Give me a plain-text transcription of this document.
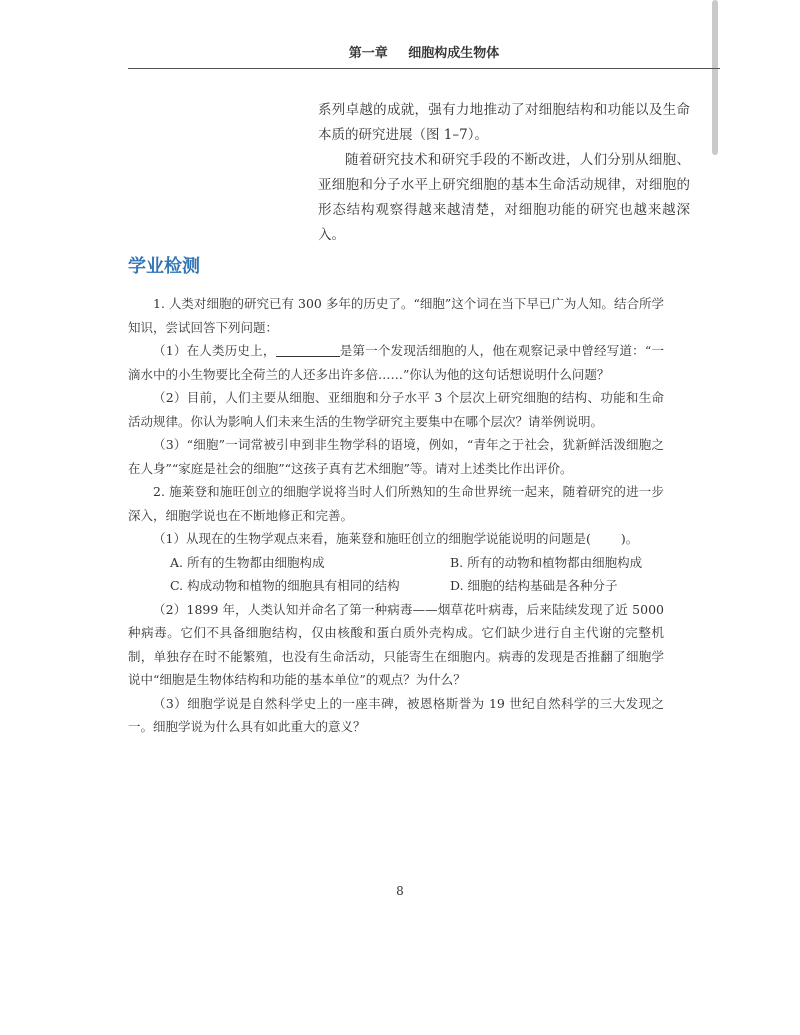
第一章 细胞构成生物体

系列卓越的成就，强有力地推动了对细胞结构和功能以及生命本质的研究进展（图 1–7）。

随着研究技术和研究手段的不断改进，人们分别从细胞、亚细胞和分子水平上研究细胞的基本生命活动规律，对细胞的形态结构观察得越来越清楚，对细胞功能的研究也越来越深入。

学业检测

1. 人类对细胞的研究已有 300 多年的历史了。“细胞”这个词在当下早已广为人知。结合所学知识，尝试回答下列问题：

（1）在人类历史上，	是第一个发现活细胞的人，他在观察记录中曾经写道：“一滴水中的小生物要比全荷兰的人还多出许多倍……”你认为他的这句话想说明什么问题？

（2）目前，人们主要从细胞、亚细胞和分子水平 3 个层次上研究细胞的结构、功能和生命活动规律。你认为影响人们未来生活的生物学研究主要集中在哪个层次？请举例说明。

（3）“细胞”一词常被引申到非生物学科的语境，例如，“青年之于社会，犹新鲜活泼细胞之在人身”“家庭是社会的细胞”“这孩子真有艺术细胞”等。请对上述类比作出评价。

2. 施莱登和施旺创立的细胞学说将当时人们所熟知的生命世界统一起来，随着研究的进一步深入，细胞学说也在不断地修正和完善。

（1）从现在的生物学观点来看，施莱登和施旺创立的细胞学说能说明的问题是( )。

A. 所有的生物都由细胞构成	B. 所有的动物和植物都由细胞构成
C. 构成动物和植物的细胞具有相同的结构	D. 细胞的结构基础是各种分子

（2）1899 年，人类认知并命名了第一种病毒——烟草花叶病毒，后来陆续发现了近 5000 种病毒。它们不具备细胞结构，仅由核酸和蛋白质外壳构成。它们缺少进行自主代谢的完整机制，单独存在时不能繁殖，也没有生命活动，只能寄生在细胞内。病毒的发现是否推翻了细胞学说中“细胞是生物体结构和功能的基本单位”的观点？为什么？

（3）细胞学说是自然科学史上的一座丰碑，被恩格斯誉为 19 世纪自然科学的三大发现之一。细胞学说为什么具有如此重大的意义？

8
